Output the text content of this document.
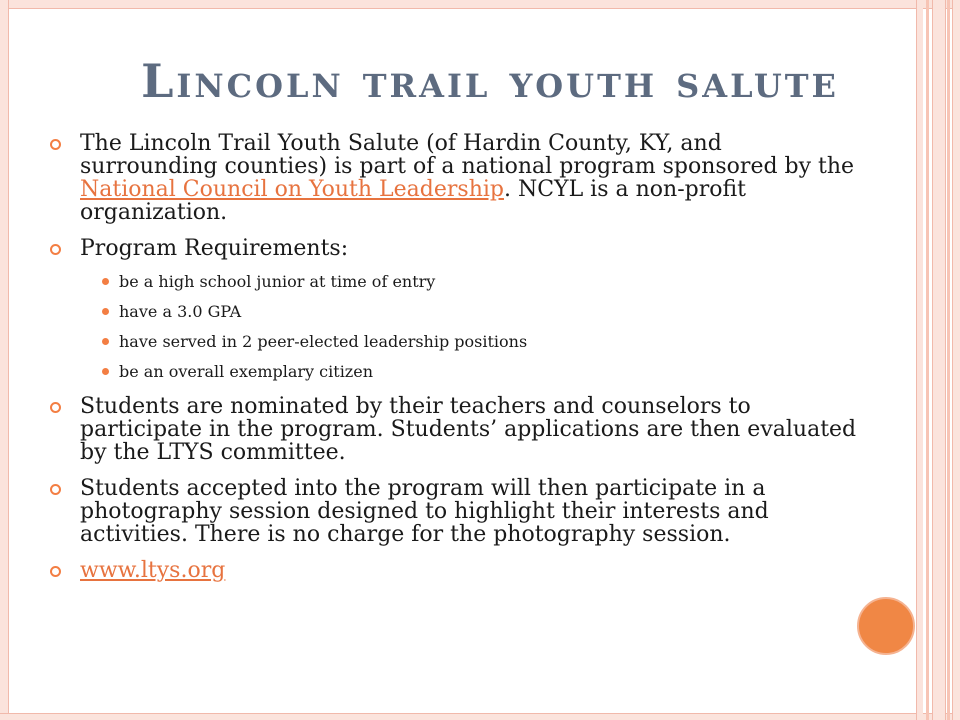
Lincoln trail youth salute

The Lincoln Trail Youth Salute (of Hardin County, KY, and surrounding counties) is part of a national program sponsored by the National Council on Youth Leadership. NCYL is a non-profit organization.

Program Requirements:

be a high school junior at time of entry
have a 3.0 GPA
have served in 2 peer-elected leadership positions
be an overall exemplary citizen

Students are nominated by their teachers and counselors to participate in the program. Students’ applications are then evaluated by the LTYS committee.

Students accepted into the program will then participate in a photography session designed to highlight their interests and activities. There is no charge for the photography session.

www.ltys.org
